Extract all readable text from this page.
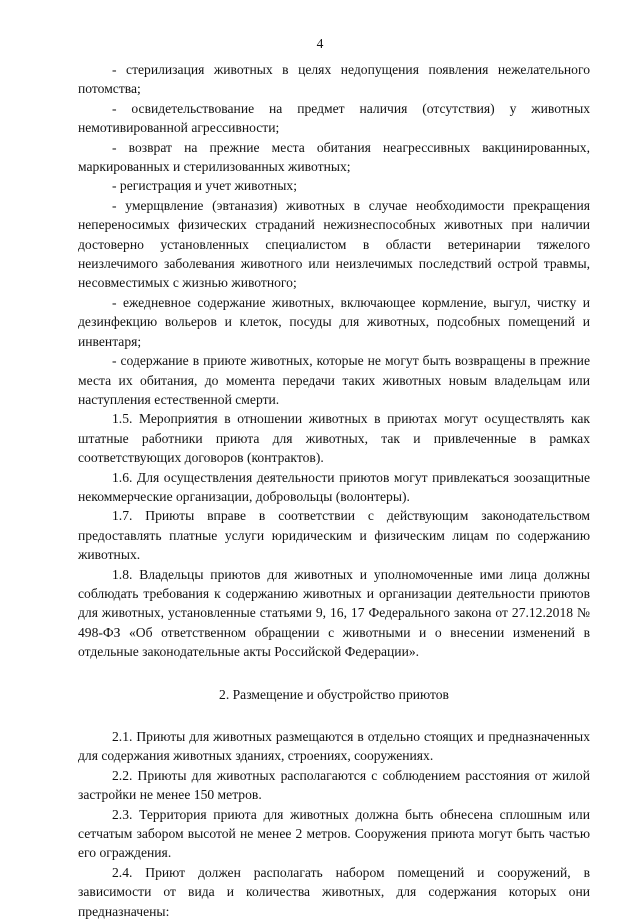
4

- стерилизация животных в целях недопущения появления нежелательного потомства;

- освидетельствование на предмет наличия (отсутствия) у животных немотивированной агрессивности;

- возврат на прежние места обитания неагрессивных вакцинированных, маркированных и стерилизованных животных;

- регистрация и учет животных;

- умерщвление (эвтаназия) животных в случае необходимости прекращения непереносимых физических страданий нежизнеспособных животных при наличии достоверно установленных специалистом в области ветеринарии тяжелого неизлечимого заболевания животного или неизлечимых последствий острой травмы, несовместимых с жизнью животного;

- ежедневное содержание животных, включающее кормление, выгул, чистку и дезинфекцию вольеров и клеток, посуды для животных, подсобных помещений и инвентаря;

- содержание в приюте животных, которые не могут быть возвращены в прежние места их обитания, до момента передачи таких животных новым владельцам или наступления естественной смерти.

1.5. Мероприятия в отношении животных в приютах могут осуществлять как штатные работники приюта для животных, так и привлеченные в рамках соответствующих договоров (контрактов).

1.6. Для осуществления деятельности приютов могут привлекаться зоозащитные некоммерческие организации, добровольцы (волонтеры).

1.7. Приюты вправе в соответствии с действующим законодательством предоставлять платные услуги юридическим и физическим лицам по содержанию животных.

1.8. Владельцы приютов для животных и уполномоченные ими лица должны соблюдать требования к содержанию животных и организации деятельности приютов для животных, установленные статьями 9, 16, 17 Федерального закона от 27.12.2018 № 498-ФЗ «Об ответственном обращении с животными и о внесении изменений в отдельные законодательные акты Российской Федерации».

2. Размещение и обустройство приютов

2.1. Приюты для животных размещаются в отдельно стоящих и предназначенных для содержания животных зданиях, строениях, сооружениях.

2.2. Приюты для животных располагаются с соблюдением расстояния от жилой застройки не менее 150 метров.

2.3. Территория приюта для животных должна быть обнесена сплошным или сетчатым забором высотой не менее 2 метров. Сооружения приюта могут быть частью его ограждения.

2.4. Приют должен располагать набором помещений и сооружений, в зависимости от вида и количества животных, для содержания которых они предназначены:
